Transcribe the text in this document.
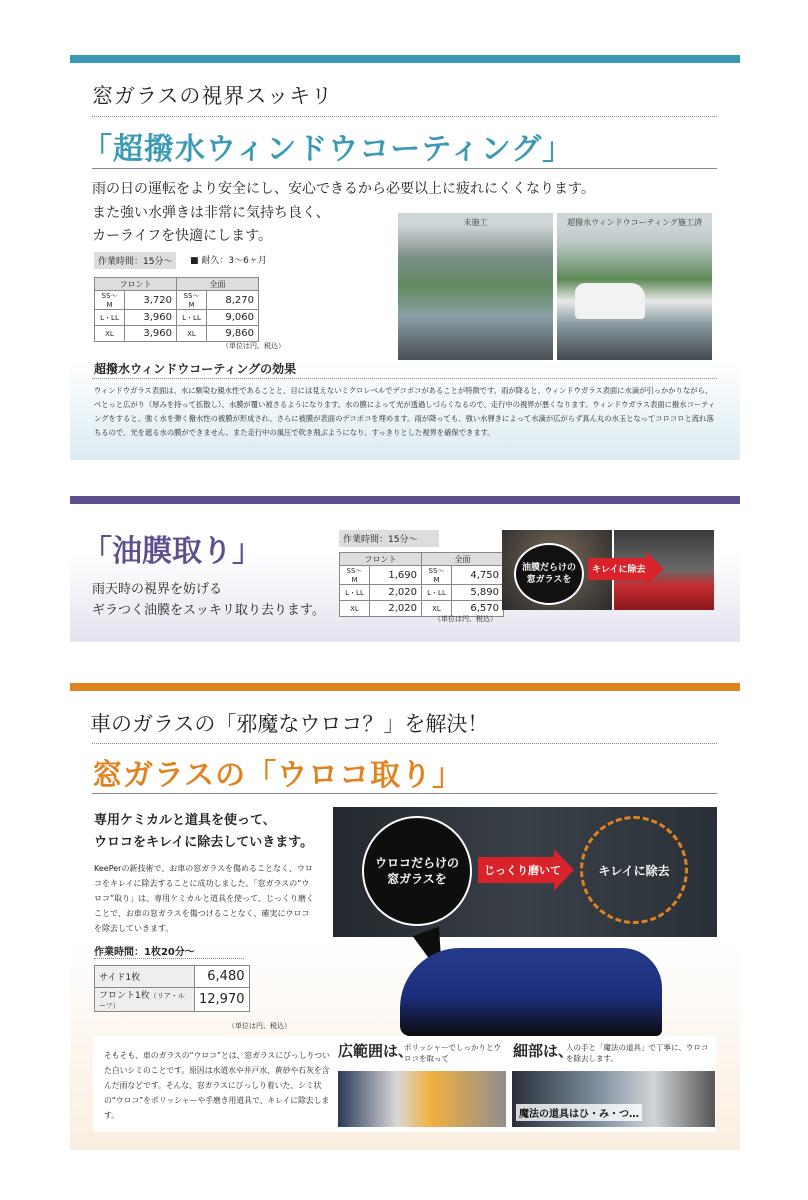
窓ガラスの視界スッキリ
「超撥水ウィンドウコーティング」
雨の日の運転をより安全にし、安心できるから必要以上に疲れにくくなります。
また強い水弾きは非常に気持ち良く、
カーライフを快適にします。
作業時間：15分～	■ 耐久：3～6ヶ月
フロント		全面	
SS～M	3,720	SS～M	8,270
L・LL	3,960	L・LL	9,060
XL	3,960	XL	9,860
（単位は円、税込）
未施工	超撥水ウィンドウコーティング施工済
超撥水ウィンドウコーティングの効果
ウィンドウガラス表面は、水に馴染む親水性であることと、目には見えないミクロレベルでデコボコがあることが特徴です。雨が降ると、ウィンドウガラス表面に水滴が引っかかりながら、べとっと広がり（厚みを持って拡散し）、水膜が覆い被さるようになります。水の膜によって光が透過しづらくなるので、走行中の視界が悪くなります。ウィンドウガラス表面に撥水コーティングをすると、強く水を弾く撥水性の被膜が形成され、さらに被膜が表面のデコボコを埋めます。雨が降っても、強い水弾きによって水滴が広がらず真ん丸の水玉となってコロコロと流れ落ちるので、光を遮る水の膜ができません。また走行中の風圧で吹き飛ぶようになり、すっきりとした視界を確保できます。
「油膜取り」
雨天時の視界を妨げる
ギラつく油膜をスッキリ取り去ります。
作業時間：15分～
フロント		全面	
SS～M	1,690	SS～M	4,750
L・LL	2,020	L・LL	5,890
XL	2,020	XL	6,570
（単位は円、税込）
油膜だらけの窓ガラスを
キレイに除去
車のガラスの「邪魔なウロコ？」を解決！
窓ガラスの「ウロコ取り」
専用ケミカルと道具を使って、
ウロコをキレイに除去していきます。
KeePerの新技術で、お車の窓ガラスを傷めることなく、ウロコをキレイに除去することに成功しました。「窓ガラスの“ウロコ”取り」は、専用ケミカルと道具を使って、じっくり磨くことで、お車の窓ガラスを傷つけることなく、確実にウロコを除去していきます。
作業時間：1枚20分～
サイド1枚	6,480
フロント1枚（リア・ルーフ）	12,970
（単位は円、税込）
ウロコだらけの窓ガラスを
じっくり磨いて	キレイに除去
そもそも、車のガラスの“ウロコ”とは、窓ガラスにびっしりついた白いシミのことです。原因は水道水や井戸水、黄砂や石灰を含んだ雨などです。そんな、窓ガラスにびっしり着いた、シミ状の“ウロコ”をポリッシャーや手磨き用道具で、キレイに除去します。
広範囲は、
ポリッシャーでしっかりとウロコを取って	細部は、
人の手と「魔法の道具」で丁寧に、ウロコを除去します。
魔法の道具はひ・み・つ…
